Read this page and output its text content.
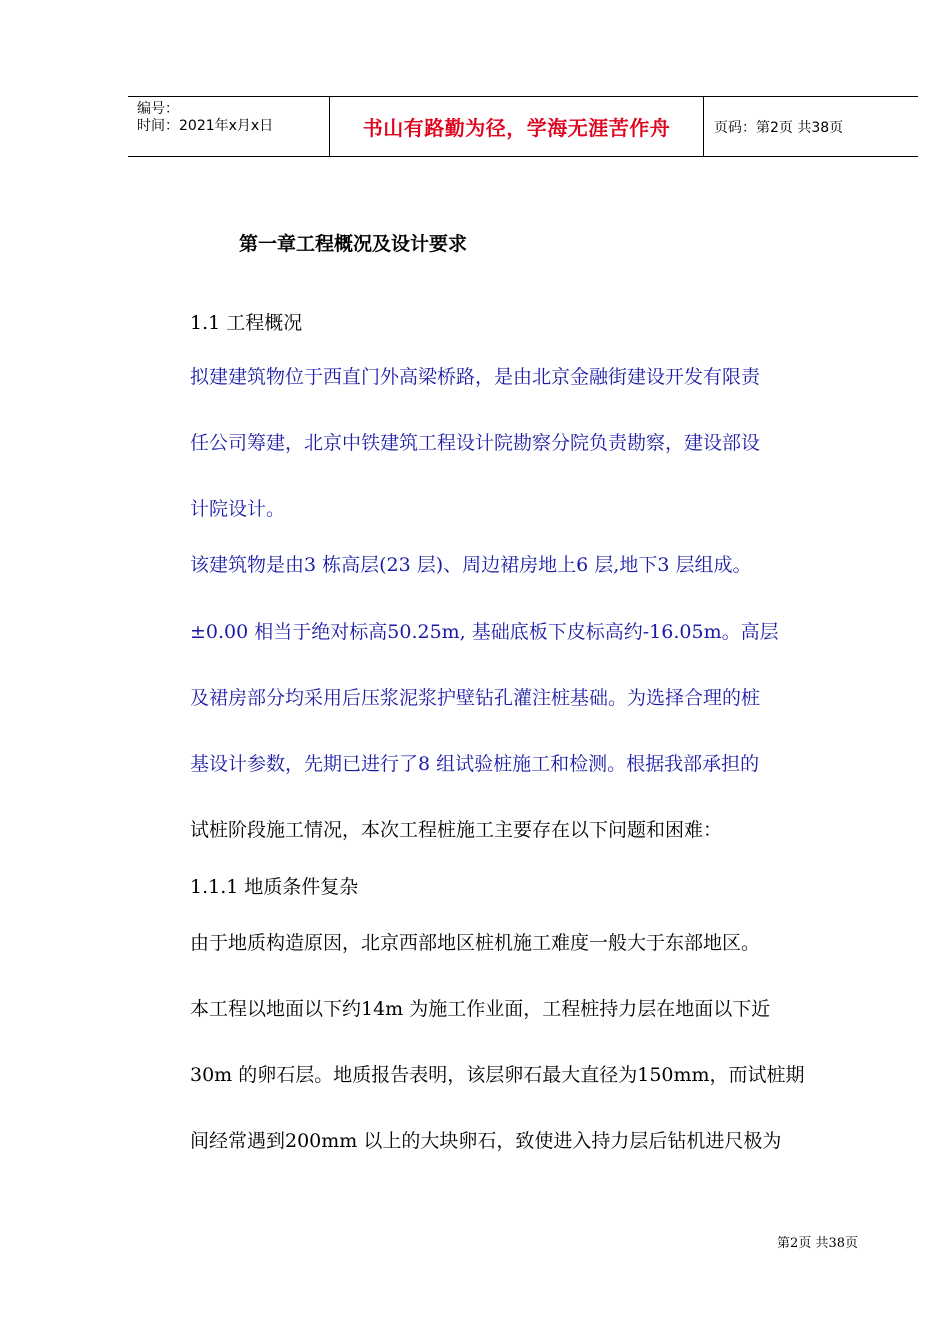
编号：
时间：2021年x月x日	书山有路勤为径，学海无涯苦作舟	页码：第2页 共38页
第一章工程概况及设计要求
1.1 工程概况
拟建建筑物位于西直门外高梁桥路，是由北京金融街建设开发有限责
任公司筹建，北京中铁建筑工程设计院勘察分院负责勘察，建设部设
计院设计。
该建筑物是由3 栋高层(23 层)、周边裙房地上6 层,地下3 层组成。
±0.00 相当于绝对标高50.25m, 基础底板下皮标高约-16.05m。高层
及裙房部分均采用后压浆泥浆护壁钻孔灌注桩基础。为选择合理的桩
基设计参数，先期已进行了8 组试验桩施工和检测。根据我部承担的
试桩阶段施工情况，本次工程桩施工主要存在以下问题和困难：
1.1.1 地质条件复杂
由于地质构造原因，北京西部地区桩机施工难度一般大于东部地区。
本工程以地面以下约14m 为施工作业面，工程桩持力层在地面以下近
30m 的卵石层。地质报告表明，该层卵石最大直径为150mm，而试桩期
间经常遇到200mm 以上的大块卵石，致使进入持力层后钻机进尺极为
第2页 共38页
